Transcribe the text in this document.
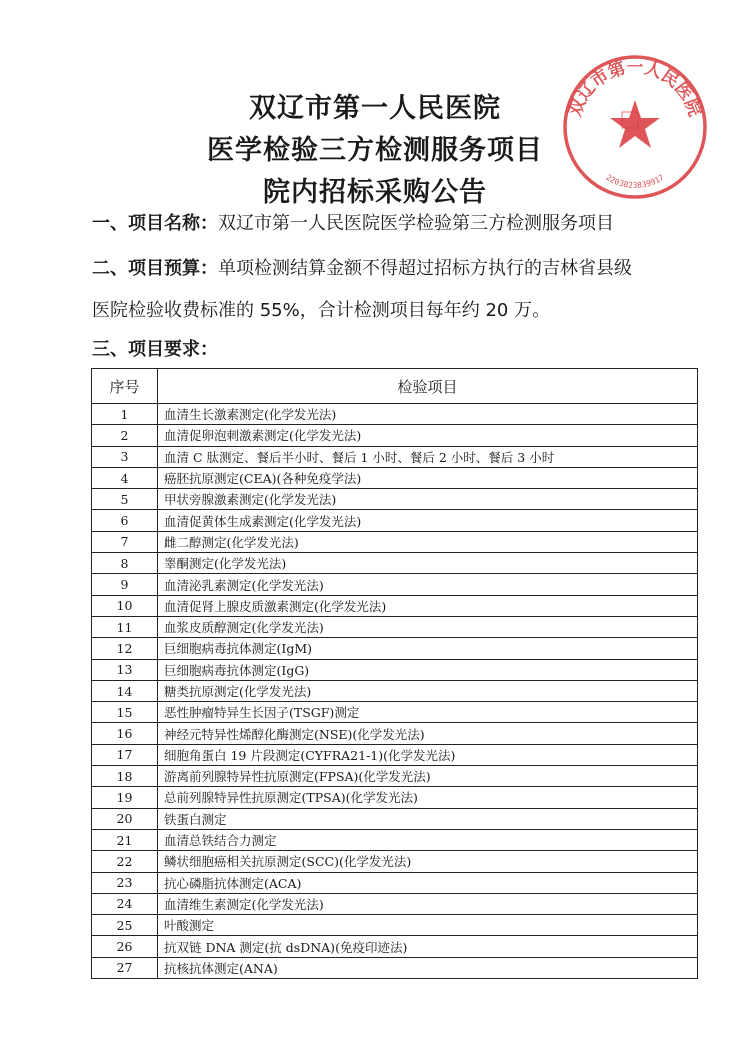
双辽市第一人民医院
医学检验三方检测服务项目
院内招标采购公告
双辽市第一人民医院
2203823839917
一、项目名称：双辽市第一人民医院医学检验第三方检测服务项目
二、项目预算：单项检测结算金额不得超过招标方执行的吉林省县级
医院检验收费标准的 55%，合计检测项目每年约 20 万。
三、项目要求：
序号	检验项目
1	血清生长激素测定(化学发光法)
2	血清促卵泡刺激素测定(化学发光法)
3	血清 C 肽测定、餐后半小时、餐后 1 小时、餐后 2 小时、餐后 3 小时
4	癌胚抗原测定(CEA)(各种免疫学法)
5	甲状旁腺激素测定(化学发光法)
6	血清促黄体生成素测定(化学发光法)
7	雌二醇测定(化学发光法)
8	睾酮测定(化学发光法)
9	血清泌乳素测定(化学发光法)
10	血清促肾上腺皮质激素测定(化学发光法)
11	血浆皮质醇测定(化学发光法)
12	巨细胞病毒抗体测定(IgM)
13	巨细胞病毒抗体测定(IgG)
14	糖类抗原测定(化学发光法)
15	恶性肿瘤特异生长因子(TSGF)测定
16	神经元特异性烯醇化酶测定(NSE)(化学发光法)
17	细胞角蛋白 19 片段测定(CYFRA21-1)(化学发光法)
18	游离前列腺特异性抗原测定(FPSA)(化学发光法)
19	总前列腺特异性抗原测定(TPSA)(化学发光法)
20	铁蛋白测定
21	血清总铁结合力测定
22	鳞状细胞癌相关抗原测定(SCC)(化学发光法)
23	抗心磷脂抗体测定(ACA)
24	血清维生素测定(化学发光法)
25	叶酸测定
26	抗双链 DNA 测定(抗 dsDNA)(免疫印迹法)
27	抗核抗体测定(ANA)
